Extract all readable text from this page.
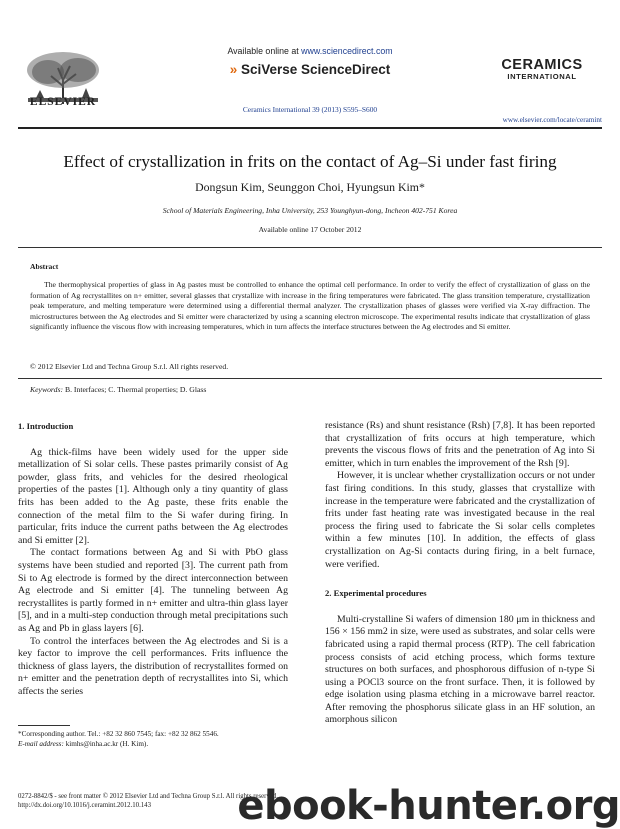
ELSEVIER
Available online at www.sciencedirect.com
» SciVerse ScienceDirect
Ceramics International 39 (2013) S595–S600
CERAMICS
INTERNATIONAL
www.elsevier.com/locate/ceramint
Effect of crystallization in frits on the contact of Ag–Si under fast firing
Dongsun Kim, Seunggon Choi, Hyungsun Kim*
School of Materials Engineering, Inha University, 253 Younghyun-dong, Incheon 402-751 Korea
Available online 17 October 2012
Abstract

The thermophysical properties of glass in Ag pastes must be controlled to enhance the optimal cell performance. In order to verify the effect of crystallization of glass on the formation of Ag recrystallites on n+ emitter, several glasses that crystallize with increase in the firing temperatures were fabricated. The glass transition temperature, crystallization peak temperature, and melting temperature were determined using a differential thermal analyzer. The crystallization phases of glasses were verified via X-ray diffraction. The microstructures between the Ag electrodes and Si emitter were characterized by using a scanning electron microscope. The experimental results indicate that crystallization of glass significantly influence the viscous flow with increasing temperatures, which in turn affects the interface structures between the Ag electrodes and Si emitter.

© 2012 Elsevier Ltd and Techna Group S.r.l. All rights reserved.
Keywords: B. Interfaces; C. Thermal properties; D. Glass
1. Introduction

Ag thick-films have been widely used for the upper side metallization of Si solar cells. These pastes primarily consist of Ag powder, glass frits, and vehicles for the desired rheological properties of the pastes [1]. Although only a tiny quantity of glass frits has been added to the Ag paste, these frits enable the connection of the metal film to the Si wafer during firing. In particular, frits induce the current paths between the Ag electrodes and Si emitter [2].

The contact formations between Ag and Si with PbO glass systems have been studied and reported [3]. The current path from Si to Ag electrode is formed by the direct interconnection between Ag electrode and Si emitter [4]. The tunneling between Ag recrystallites is partly formed in n+ emitter and ultra-thin glass layer [5], and in a multi-step conduction through metal precipitations such as Ag and Pb in glass layers [6].

To control the interfaces between the Ag electrodes and Si is a key factor to improve the cell performances. Frits influence the thickness of glass layers, the distribution of recrystallites formed on n+ emitter and the penetration depth of recrystallites into Si, which affects the series

resistance (Rs) and shunt resistance (Rsh) [7,8]. It has been reported that crystallization of frits occurs at high temperature, which prevents the viscous flows of frits and the penetration of Ag into Si emitter, which in turn enables the improvement of the Rsh [9].

However, it is unclear whether crystallization occurs or not under fast firing conditions. In this study, glasses that crystallize with increase in the temperature were fabricated and the crystallization of frits under fast heating rate was investigated because in the real process the firing used to fabricate the Si solar cells completes within a few minutes [10]. In addition, the effects of glass crystallization on Ag-Si contacts during firing, in a belt furnace, were verified.

2. Experimental procedures

Multi-crystalline Si wafers of dimension 180 μm in thickness and 156 × 156 mm2 in size, were used as substrates, and solar cells were fabricated using a rapid thermal process (RTP). The cell fabrication process consists of acid etching process, which forms texture structures on both surfaces, and phosphorous diffusion of n-type Si using a POCl3 source on the front surface. Then, it is followed by edge isolation using plasma etching in a microwave barrel reactor. After removing the phosphorus silicate glass in an HF solution, an amorphous silicon

*Corresponding author. Tel.: +82 32 860 7545; fax: +82 32 862 5546.
E-mail address: kimhs@inha.ac.kr (H. Kim).
0272-8842/$ - see front matter © 2012 Elsevier Ltd and Techna Group S.r.l. All rights reserved.
http://dx.doi.org/10.1016/j.ceramint.2012.10.143	ebook-hunter.org
